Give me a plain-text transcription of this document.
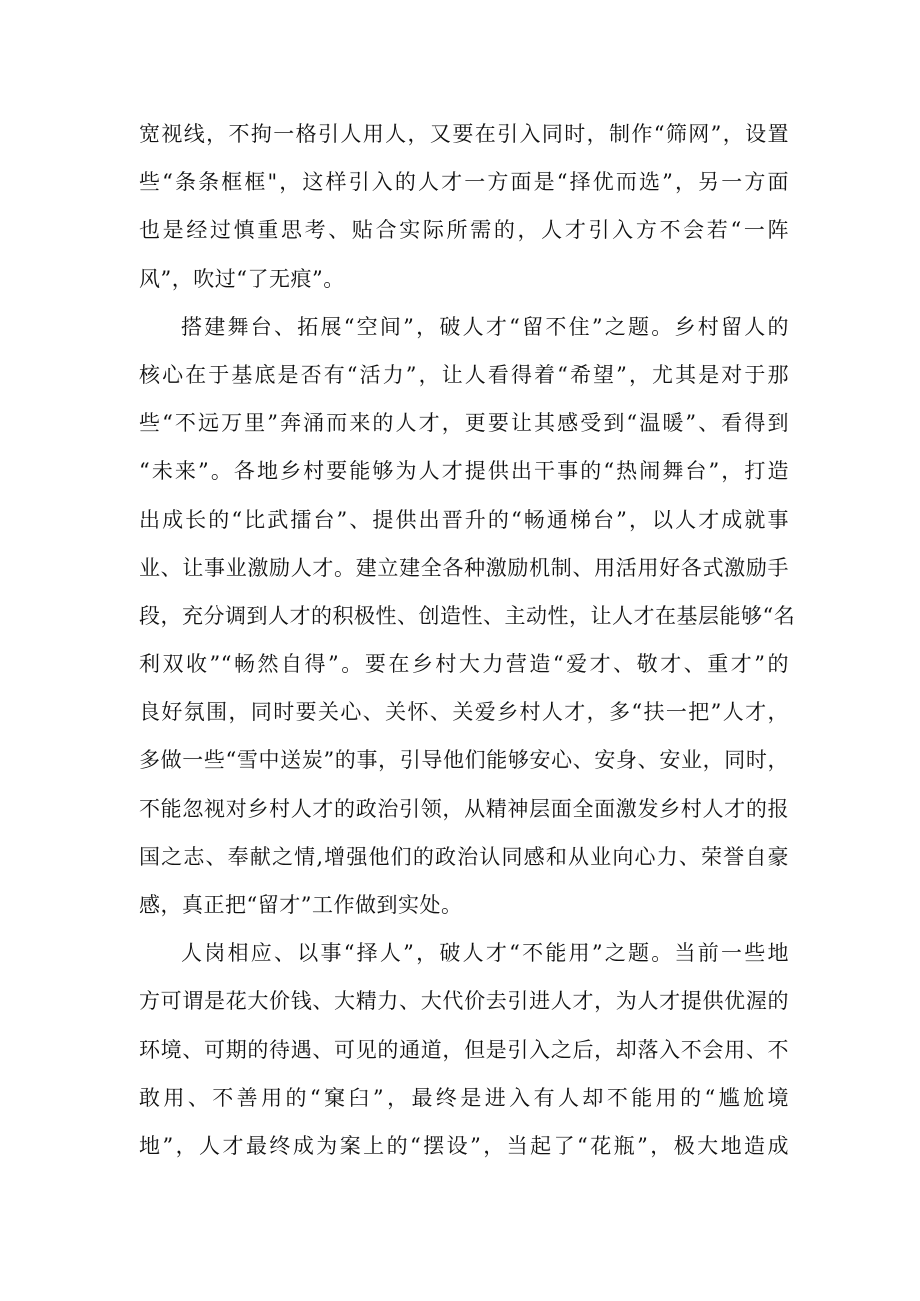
宽视线，不拘一格引人用人，又要在引入同时，制作“筛网”，设置
些“条条框框"，这样引入的人才一方面是“择优而选”，另一方面
也是经过慎重思考、贴合实际所需的，人才引入方不会若“一阵
风”，吹过“了无痕”。
搭建舞台、拓展“空间”，破人才“留不住”之题。乡村留人的
核心在于基底是否有“活力”，让人看得着“希望”，尤其是对于那
些“不远万里”奔涌而来的人才，更要让其感受到“温暖”、看得到
“未来”。各地乡村要能够为人才提供出干事的“热闹舞台”，打造
出成长的“比武擂台”、提供出晋升的“畅通梯台”，以人才成就事
业、让事业激励人才。建立建全各种激励机制、用活用好各式激励手
段，充分调到人才的积极性、创造性、主动性，让人才在基层能够“名
利双收”“畅然自得”。要在乡村大力营造“爱才、敬才、重才”的
良好氛围，同时要关心、关怀、关爱乡村人才，多“扶一把”人才，
多做一些“雪中送炭”的事，引导他们能够安心、安身、安业，同时，
不能忽视对乡村人才的政治引领，从精神层面全面激发乡村人才的报
国之志、奉献之情,增强他们的政治认同感和从业向心力、荣誉自豪
感，真正把“留才”工作做到实处。
人岗相应、以事“择人”，破人才“不能用”之题。当前一些地
方可谓是花大价钱、大精力、大代价去引进人才，为人才提供优渥的
环境、可期的待遇、可见的通道，但是引入之后，却落入不会用、不
敢用、不善用的“窠臼”，最终是进入有人却不能用的“尴尬境
地”，人才最终成为案上的“摆设”，当起了“花瓶”，极大地造成
